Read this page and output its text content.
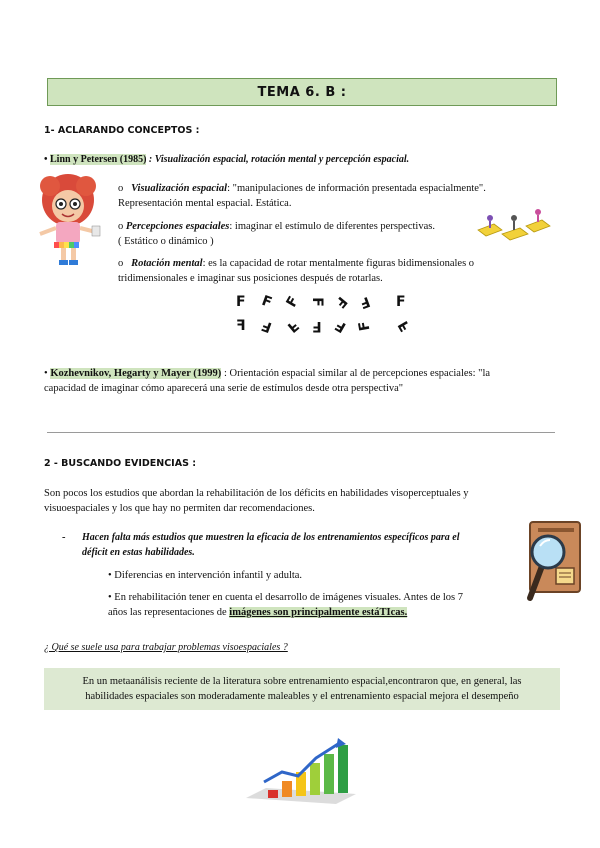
TEMA 6. B :
1- ACLARANDO CONCEPTOS :
• Linn y Petersen (1985) : Visualización espacial, rotación mental y percepción espacial.
o Visualización espacial: "manipulaciones de información presentada espacialmente".
Representación mental espacial. Estática.
o Percepciones espaciales: imaginar el estímulo de diferentes perspectivas.
( Estático o dinámico )
o Rotación mental: es la capacidad de rotar mentalmente figuras bidimensionales o
tridimensionales e imaginar sus posiciones después de rotarlas.
F F F F F F F
F F F F F F F
• Kozhevnikov, Hegarty y Mayer (1999) : Orientación espacial similar al de percepciones espaciales: "la
capacidad de imaginar cómo aparecerá una serie de estímulos desde otra perspectiva"
2 - BUSCANDO EVIDENCIAS :
Son pocos los estudios que abordan la rehabilitación de los déficits en habilidades visoperceptuales y
visuoespaciales y los que hay no permiten dar recomendaciones.
- Hacen falta más estudios que muestren la eficacia de los entrenamientos específicos para el
déficit en estas habilidades.
• Diferencias en intervención infantil y adulta.
• En rehabilitación tener en cuenta el desarrollo de imágenes visuales. Antes de los 7
años las representaciones de imágenes son principalmente estáTIcas.
¿ Qué se suele usa para trabajar problemas visoespaciales ?
En un metaanálisis reciente de la literatura sobre entrenamiento espacial,encontraron que, en general, las
habilidades espaciales son moderadamente maleables y el entrenamiento espacial mejora el desempeño
